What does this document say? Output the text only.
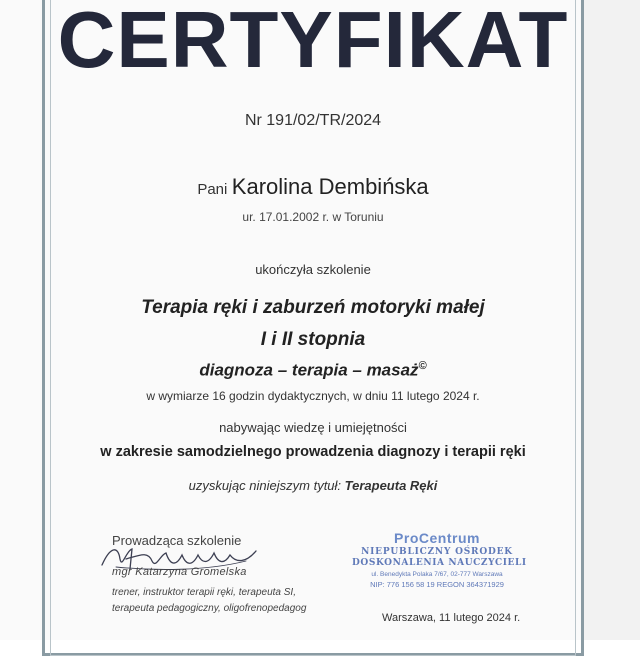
CERTYFIKAT
Nr 191/02/TR/2024
Pani Karolina Dembińska
ur. 17.01.2002 r. w Toruniu
ukończyła szkolenie
Terapia ręki i zaburzeń motoryki małej
I i II stopnia
diagnoza – terapia – masaż©
w wymiarze 16 godzin dydaktycznych, w dniu 11 lutego 2024 r.
nabywając wiedzę i umiejętności
w zakresie samodzielnego prowadzenia diagnozy i terapii ręki
uzyskując niniejszym tytuł: Terapeuta Ręki
Prowadząca szkolenie
mgr Katarzyna Gromelska
trener, instruktor terapii ręki, terapeuta SI,
terapeuta pedagogiczny, oligofrenopedagog
ProCentrum
NIEPUBLICZNY OŚRODEK
DOSKONALENIA NAUCZYCIELI
ul. Benedykta Polaka 7/67, 02-777 Warszawa
NIP: 776 156 58 19 REGON 364371929
Warszawa, 11 lutego 2024 r.
